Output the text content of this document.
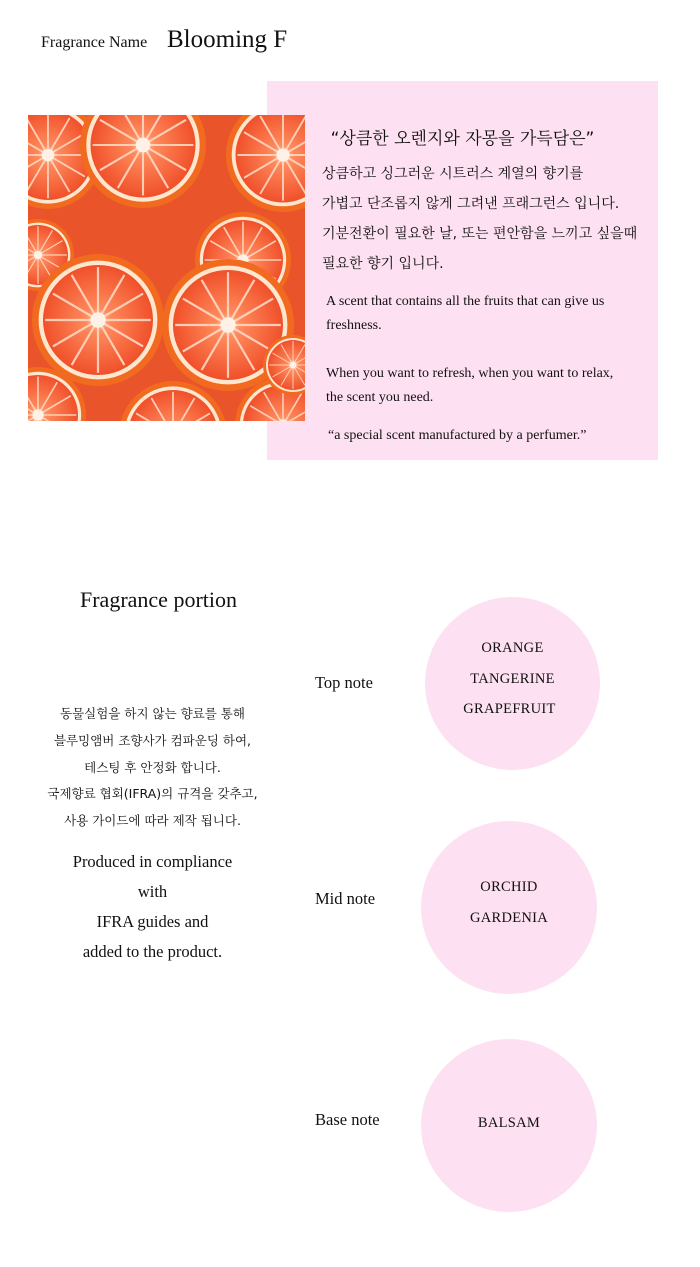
Fragrance Name Blooming F
“상큼한 오렌지와 자몽을 가득담은”
상큼하고 싱그러운 시트러스 계열의 향기를
가볍고 단조롭지 않게 그려낸 프래그런스 입니다.
기분전환이 필요한 날, 또는 편안함을 느끼고 싶을때
필요한 향기 입니다.
A scent that contains all the fruits that can give us
freshness.
When you want to refresh, when you want to relax,
the scent you need.
“a special scent manufactured by a perfumer.”
Fragrance portion
동물실험을 하지 않는 향료를 통해
블루밍앰버 조향사가 컴파운딩 하여,
테스팅 후 안정화 합니다.
국제향료 협회(IFRA)의 규격을 갖추고,
사용 가이드에 따라 제작 됩니다.
Produced in compliance
with
IFRA guides and
added to the product.
Top note
ORANGE
TANGERINE
GRAPEFRUIT
Mid note
ORCHID
GARDENIA
Base note	BALSAM
